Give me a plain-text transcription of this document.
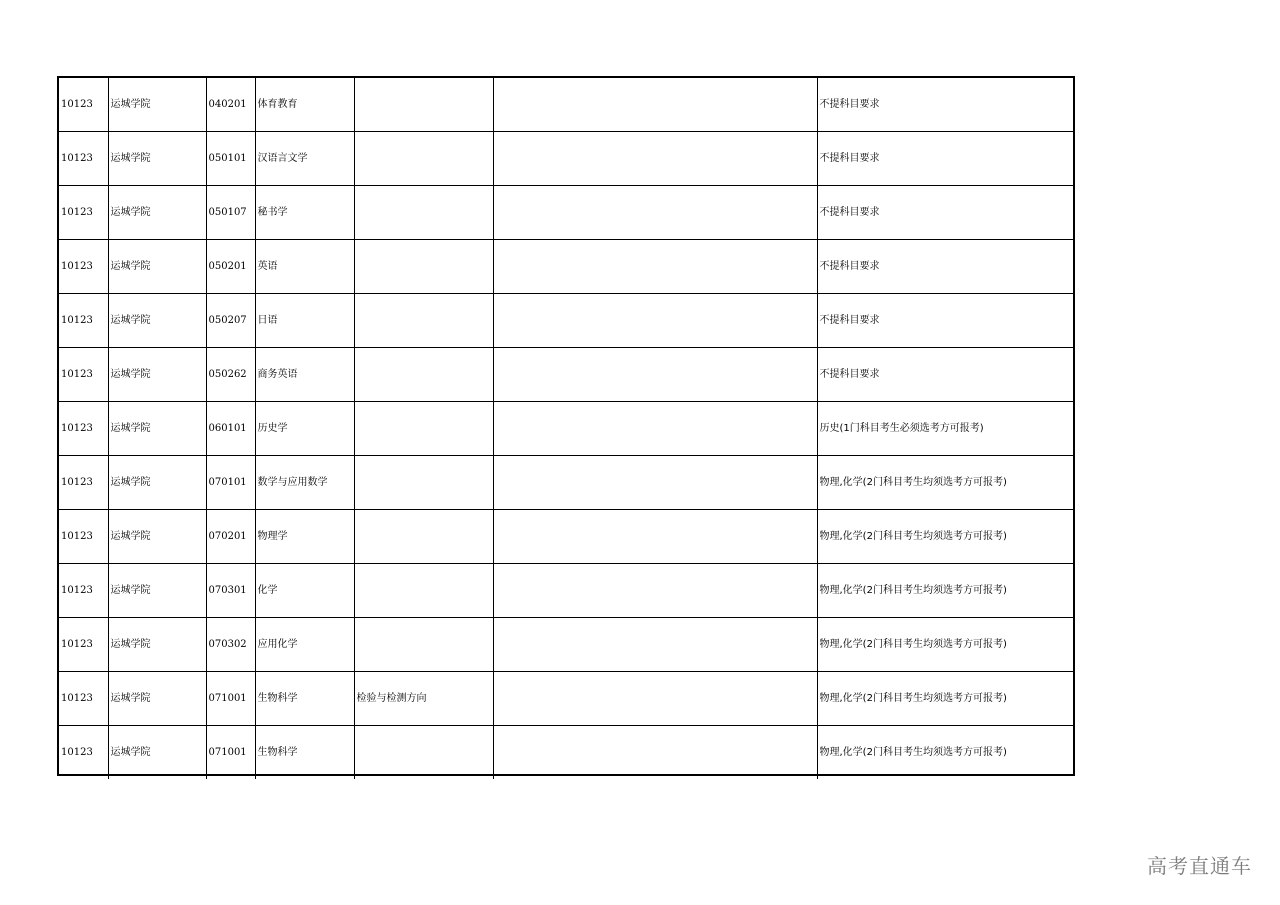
10123	运城学院	040201	体育教育			不提科目要求
10123	运城学院	050101	汉语言文学			不提科目要求
10123	运城学院	050107	秘书学			不提科目要求
10123	运城学院	050201	英语			不提科目要求
10123	运城学院	050207	日语			不提科目要求
10123	运城学院	050262	商务英语			不提科目要求
10123	运城学院	060101	历史学			历史(1门科目考生必须选考方可报考)
10123	运城学院	070101	数学与应用数学			物理,化学(2门科目考生均须选考方可报考)
10123	运城学院	070201	物理学			物理,化学(2门科目考生均须选考方可报考)
10123	运城学院	070301	化学			物理,化学(2门科目考生均须选考方可报考)
10123	运城学院	070302	应用化学			物理,化学(2门科目考生均须选考方可报考)
10123	运城学院	071001	生物科学	检验与检测方向		物理,化学(2门科目考生均须选考方可报考)
10123	运城学院	071001	生物科学			物理,化学(2门科目考生均须选考方可报考)
高考直通车
